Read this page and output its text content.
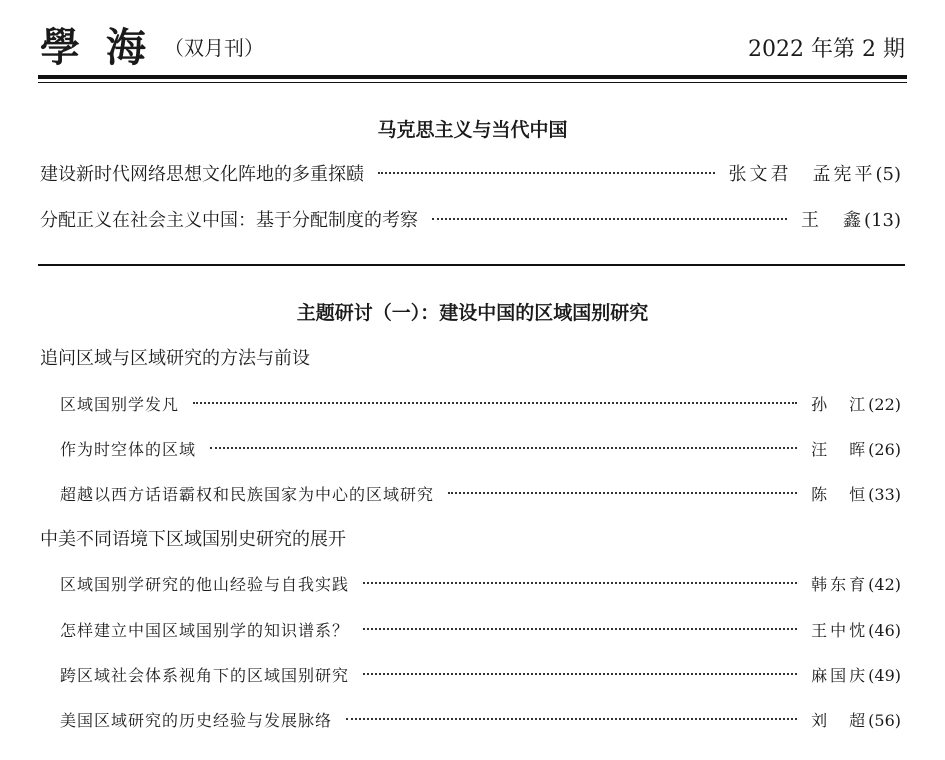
學 海 （双月刊）	2022 年第 2 期
马克思主义与当代中国
建设新时代网络思想文化阵地的多重探赜	张文君　孟宪平 (5)
分配正义在社会主义中国：基于分配制度的考察	王　鑫 (13)
主题研讨（一）：建设中国的区域国别研究
追问区域与区域研究的方法与前设
区域国别学发凡	孙　江 (22)
作为时空体的区域	汪　晖 (26)
超越以西方话语霸权和民族国家为中心的区域研究	陈　恒 (33)
中美不同语境下区域国别史研究的展开
区域国别学研究的他山经验与自我实践	韩东育 (42)
怎样建立中国区域国别学的知识谱系？	王中忱 (46)
跨区域社会体系视角下的区域国别研究	麻国庆 (49)
美国区域研究的历史经验与发展脉络	刘　超 (56)
